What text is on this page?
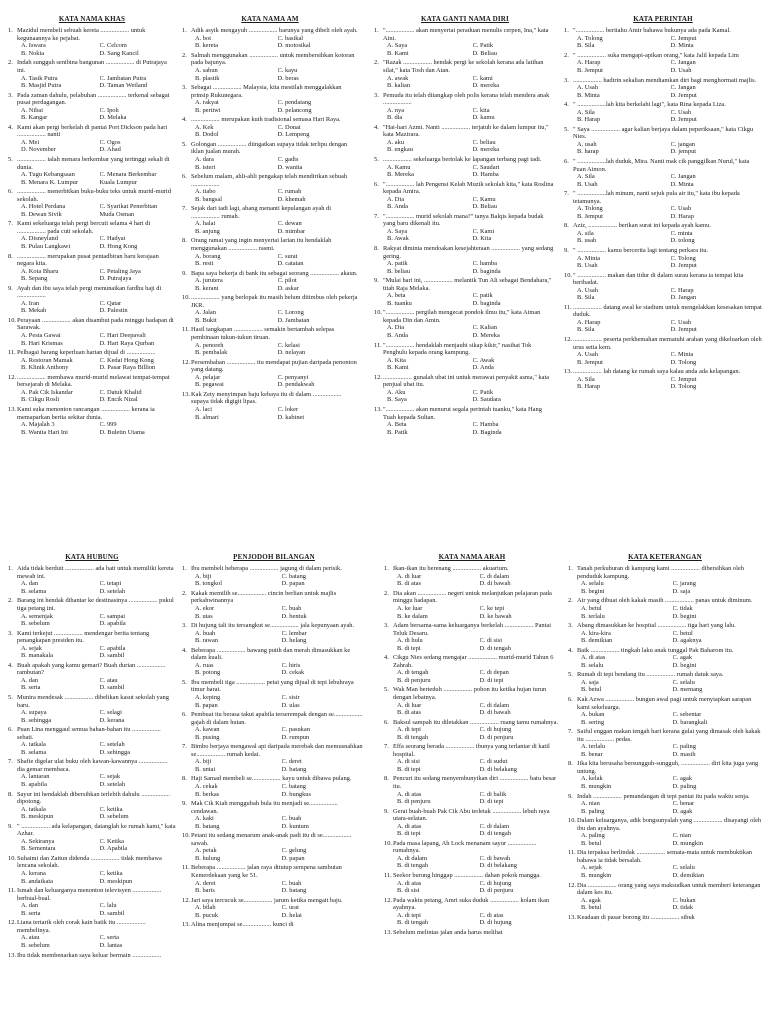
KATA NAMA KHAS
1. Mazidul membeli sebuah kereta .................. untuk kegunaannya ke pejabat.
A. Iswara	C. Celcom
B. Nokia	D. Sang Kancil
2. Indah sungguh senibina bangunan .................. di Putrajaya ini.
A. Tasik Putra	C. Jambatan Putra
B. Masjid Putra	D. Taman Wetland
3. Pada zaman dahulu, pelabuhan .................. terkenal sebagai pusat perdagangan.
A. Nibai	C. Ipoh
B. Kangar	D. Melaka
4. Kami akan pergi berkelah di pantai Port Dickson pada hari .................. nanti
A. Mei	C. Ogos
D. November	D. Ahad
5. .................. ialah menara berkembar yang tertinggi sekali di dunia.
A. Tugu Kebangsaan	C. Menara Berkembar
B. Menara K. Lumpur	Kuala Lumpur
6. .................. menerbitkan buku-buku teks untuk murid-murid sekolah.
A. Hotel Perdana	C. Syarikat Penerbitan
B. Dewan Sivik	Muda Osman
7. Kami sekeluarga telah pergi bercuti selama 4 hari di .................. pada cuti sekolah.
A. Disneyland	C. Hadyai
B. Pulau Langkawi	D. Hong Kong
8. .................. merupakan pusat pentadbiran baru kerajaan negara kita.
A. Kota Bharu	C. Petaling Jaya
B. Sepang	D. Putrajaya
9. Ayah dan ibu saya telah pergi menunaikan fardhu haji di ..................
A. Iran	C. Qatar
B. Mekah	D. Palestin
10. Perayaan .................. akan disambut pada minggu hadapan di Sarawak.
A. Pesta Gawai	C. Hari Deepavali
B. Hari Krismas	D. Hari Raya Qurban
11. Pelbagai barang keperluan harian dijual di ..................
A. Restoran Mamak	C. Kedai Hong Kong
B. Klinik Anthony	D. Pasar Raya Billion
12. .................. membawa murid-murid melawat tempat-tempat bersejarah di Melaka.
A. Pak Cik Iskandar	C. Datuk Khalid
B. Cikgu Rosli	D. Encik Nizal
13. Kami suka menonton rancangan .................. kerana ia memaparkan berita sekitar dunia.
A. Majalah 3	C. 999
B. Wanita Hari Ini	D. Buletin Utama
KATA NAMA AM
1. Adik asyik mengayuh .................. barunya yang dibeli oleh ayah.
A. bot	C. basikal
B. kereta	D. motosikal
2. Salmah menggunakan .................. untuk membersihkan kotoran pada bajunya.
A. sabun	C. kayu
B. plastik	D. beras
3. Sebagai .................. Malaysia, kita mestilah menggalakkan prinsip Rukunegara.
A. rakyat	C. pendatang
B. pertiwi	D. pelancong
4. .................. merupakan kuih tradisional semasa Hari Raya.
A. Kek	C. Donat
B. Dodol	D. Lempeng
5. Golongan .................. diingatkan supaya tidak terlipu dengan iklan jualan murah.
A. dara	C. gadis
B. isteri	D. wanita
6. Sebelum malam, ahli-ahli pengakap telah mendirikan sebuah ..................
A. tiabo	C. rumah
B. bangsal	D. khemah
7. Sejak dari tadi lagi, abang menanti kepulangan ayah di .................. rumah.
A. halai	C. dewan
B. anjung	D. mimbar
8. Orang ramai yang ingin menyertai larian itu hendaklah menggunakan .................. rasmi.
A. borang	C. surat
B. resit	D. catatan
9. Bapa saya bekerja di bank itu sebagai seorang .................. akaun.
A. jurutera	C. pilot
B. kerani	D. askar
10. .................. yang berlopak itu masih belum ditimbus oleh pekerja JKR.
A. Jalan	C. Lorong
B. Bukit	D. Jambatan
11. Hasil tangkapan .................. semakin bertambah selepas pembinaan tukun-tukun tiruan.
A. penoreh	C. kelasi
B. pembalak	D. nelayan
12. Persembahan .................. itu mendapat pujian daripada penonton yang datang.
A. pelajar	C. penyanyi
B. pegawai	D. pendakwah
13. Kak Zety menyimpan baju kebaya itu di dalam .................. supaya tidak digigit lipas.
A. laci	C. loker
B. almari	D. kabinet
KATA GANTI NAMA DIRI
1. ".................. akan menyertai peraduan menulis cerpen, Ina," kata Aini.
A. Saya	C. Patik
B. Kami	D. Beliau
2. "Razak .................. hendak pergi ke sekolah kerana ada latihan silat," kata Tosh dan Atan.
A. awak	C. kami
B. kalian	D. mereka
3. Pemuda itu telah ditangkap oleh polis kerana telah mendera anak ..................
A. nya	C. kita
B. dia	D. kamu
4. "Hai-hari Azmi. Nanti .................. terjatuh ke dalam lumpur itu," kata Mazirara.
A. aku	C. beliau
B. engkau	D. mereka
5. .................. sekeluarga bertolak ke lapangan terbang pagi tadi.
A. Kamu	C. Saudari
B. Mereka	D. Hamba
6. ".................. lah Pengensi Kelab Muzik sekolah kita," kata Roslina kepada Amira.
A. Dia	C. Kamu
B. Anda	D. Beliau
7. ".................. murid sekolah mana?" tanya Balqis kepada budak yang baru dikenali itu.
A. Saya	C. Kami
B. Awak	D. Kita
8. Rakyat diminta mendoakan kesejahteraan .................. yang sedang gering.
A. patik	C. hamba
B. beliau	D. baginda
9. "Mulai hari ini, .................. melantik Tun Ali sebagai Bendahara," titah Raja Melaka.
A. beta	C. patik
B. tuanku	D. baginda
10. ".................. pergilah mengecat pondok ilmu itu," kata Aiman kepada Din dan Amin.
A. Dia	C. Kalian
B. Anda	D. Mereka
11. ".................. hendaklah menjauhi sikap kikir," nasihat Tok Penghulu kepada orang kampung.
A. Kita	C. Awak
B. Kami	D. Anda
12. .................. gunalah ubat ini untuk merawat penyakit asma," kata penjual ubat itu.
A. Aku	C. Patik
B. Saya	D. Saudara
13. ".................. akan menurut segala perintah tuanku," kata Hang Tuah kepada Sultan.
A. Beta	C. Hamba
B. Patik	D. Baginda
KATA PERINTAH
1. ".................. beritahu Amir bahawa bukunya ada pada Kamal.
A. Tolong	C. Jemput
B. Sila	D. Minta
2. " .................. suka mengapi-apikan orang," kata Jalil kepada Lim
A. Harap	C. Jangan
B. Jemput	D. Usah
3. .................. hadirin sekalian mendiamkan diri bagi menghormati majlis.
A. Usah	C. Jangan
B. Minta	D. Jemput
4. " ..................lah kita berkelahi lagi", kata Rina kepada Liza.
A. Sila	C. Usah
B. Harap	D. Jemput
5. " Saya .................. agar kalian berjaya dalam peperiksaan," kata Cikgu Nies.
A. usah	C. jangan
B. harap	D. jemput
6. " ..................lah duduk, Mira. Nanti mak cik panggilkan Nurul," kata Puan Aimon.
A. Sila	C. Jangan
B. Usah	D. Minta
7. " ..................lah minum, nanti sejuk pula air itu," kata ibu kepada tetamunya.
A. Tolong	C. Usah
B. Jemput	D. Harap
8. Aziz, .................. berikan surat ini kepada ayah kamu.
A. sila	C. minta
B. usah	D. tolong
9. " .................. kamu bercerita lagi tentang perkara itu.
A. Minta	C. Tolong
B. Usah	D. Jemput
10. " .................. makan dan tidur di dalam surau kerana ia tempat kita beribadat.
A. Usah	C. Harap
B. Sila	D. Jangan
11. .................. datang awal ke stadium untuk mengelakkan kesesakan tempat duduk.
A. Harap	C. Usah
B. Sila	D. Jemput
12. .................. peserta perkhemahan mematuhi arahan yang dikeluarkan oleh urus setia kem.
A. Usah	C. Minta
B. Jemput	D. Tolong
13. .................. lah datang ke rumah saya kalau anda ada kelapangan.
A. Sila	C. Jemput
B. Harap	D. Tolong
KATA HUBUNG
1. Aida tidak berduit .................. ada hati untuk memiliki kereta mewah ini.
A. dan	C. tetapi
B. selama	D. setelah
2. Barang ini hendak dihantar ke destinasinya .................. pukul tiga petang ini.
A. semenjak	C. sampai
B. sebelum	D. apabila
3. Kami terkejut .................. mendengar berita tentang penangkapan presiden itu.
A. sejak	C. apabila
B. manakala	D. sambil
4. Buah apakah yang kamu gemari? Buah durian .................. rambutan?
A. dan	C. atau
B. serta	D. sambil
5. Munira mendesak .................. dibelikan kasut sekolah yang baru.
A. supaya	C. selagi
B. sehingga	D. kerana
6. Puan Lina menggaul semua bahan-bahan itu .................. sebati.
A. tatkala	C. setelah
B. selama	D. sehingga
7. Shafie digelar ulat buku oleh kawan-kawannya .................. dia gemar membaca.
A. lantaran	C. sejak
B. apabila	D. setelah
8. Sayur ini hendaklah dibersihkan terlebih dahulu .................. dipotong.
A. tatkala	C. ketika
B. meskipun	D. sebelum
9. " .................. ada kelapangan, datanglah ke rumah kami," kata Azhar.
A. Sekiranya	C. Ketika
B. Sementara	D. Apabila
10. Suhaimi dan Zaitun didenda .................. tidak membawa lencana sekolah.
A. kerana	C. ketika
B. andaikata	D. meskipun
11. Ismah dan keluarganya menonton televisyen .................. berbual-bual.
A. dan	C. lalu
B. serta	D. sambil
12. Liana tertarik oleh corak kain batik itu .................. membelinya.
A. atau	C. serta
B. sebelum	D. lantas
13. Ibu tidak membenarkan saya keluar bermain ..................
PENJODOH BILANGAN
1. Ibu membeli beberapa .................. jagung di dalam perisik.
A. biji	C. batang
B. tongkol	D. papan
2. Kakak memilih se.................. cincin berlian untuk majlis perkahwinannya
A. ekor	C. buah
B. utas	D. bentuk
3. Di hujung tali itu tersangkut se.................. jala kepunyaan ayah.
A. buah	C. lembar
B. rawan	D. helang
4. Beberapa .................. bawang putih dan merah dimasukkan ke dalam kuali.
A. ruas	C. hiris
B. potong	D. cekak
5. Ibu membeli tiga .................. petai yang dijual di tepi lebuhraya timur barat.
A. keping	C. sisir
B. papan	D. ulas
6. Pembuat itu berasa takut apabila terserempak dengan se.................. gajah di dalam hutan.
A. kawan	C. pasukan
B. pusing	D. rumpun
7. Bimbo berjaya mengawal api daripada merebak dan memusnahkan se.................. rumah kedai.
A. biji	C. deret
B. untai	D. batang
8. Haji Samad membeli se.................. kayu untuk dibawa pulang.
A. cekak	C. batang
B. berkas	D. bungkus
9. Mak Cik Kiah menggubah bula itu menjadi se.................. cendawan.
A. kaki	C. buah
B. batang	D. kuntum
10. Petani itu sedang menarum anak-anak padi itu di se.................. sawah.
A. petak	C. gelung
B. hulung	D. papan
11. Beberapa .................. jalan raya ditutup sempena sambutan Kemerdekaan yang ke 51.
A. deret	C. buah
B. baris	D. batang
12. Jari saya tercucuk se.................. jarum ketika mengait baju.
A. bilah	C. urat
B. pucuk	D. helai
13. Alina menjumpai se.................. kunci di
KATA NAMA ARAH
1. Ikan-ikan itu berenang .................. akuarium.
A. di luar	C. di dalam
B. di atas	D. di bawah
2. Dia akan .................. negeri untuk melanjutkan pelajaran pada minggu hadapan.
A. ke luar	C. ke tepi
B. ke dalam	D. ke bawah
3. Adam bersama-sama keluarganya berkelah .................. Pantai Teluk Desaru.
A. di hulu	C. di sisi
B. di tepi	D. di tengah
4. Cikgu Nies sedang mengajar .................. murid-murid Tahun 6 Zahrah.
A. di tengah	C. di depan
B. di penjuru	D. di tepi
5. Wak Man berteduh .................. pohon itu ketika hujan turun dengan lebatnya.
A. di luar	C. di dalam
B. di atas	D. di bawah
6. Baksul sampah itu diletakkan .................. ruang tamu rumahnya.
A. di tepi	C. di hujung
B. di tengah	D. di penjuru
7. Effa seorang berada .................. ibunya yang terlantar di katil hospital.
A. di sisi	C. di sudut
B. di tepi	D. di belakang
8. Pencuri itu sedang menyembunyikan diri .................. batu besar itu.
A. di atas	C. di balik
B. di penjuru	D. di tepi
9. Gerai buah-buah Pak Cik Abu terletak .................. lebuh raya utara-selatan.
A. di atas	C. di dalam
B. di tepi	D. di tengah
10. Pada masa lapang, Ah Lock menanam sayur .................. rumahnya.
A. di dalam	C. di bawah
B. di tengah	D. di belakang
11. Seekor burung hinggap .................. dahan pokok mangga.
A. di atas	C. di hujung
B. di sisi	D. di penjuru
12. Pada waktu petang, Amri suka duduk .................. kolam ikan ayahnya.
A. di tepi	C. di atas
B. di tengah	D. di hujung
13. Sebelum melintas jalan anda harus melihat
KATA KETERANGAN
1. Tanah perkuburan di kampung kami .................. dibersihkan oleh penduduk kampung.
A. selalu	C. jarang
B. begini	D. saja
2. Air yang dibuat oleh kakak masih .................. panas untuk diminum.
A. betul	C. tidak
B. terlalu	D. begini
3. Abang dimasukkan ke hospital .................. tiga hari yang lalu.
A. kira-kira	C. betul
B. demikian	D. agaknya
4. Baik .................. tingkah laku anak tunggal Pak Baharom itu.
A. di atas	C. agak
B. selalu	D. begini
5. Rumah di tepi bendang itu .................. rumah datuk saya.
A. saja	C. selalu
B. betul	D. memang
6. Kak Azwa .................. bungun awal pagi untuk menyiapkan sarapan kami sekeluarga.
A. bukan	C. sebentar
B. sering	D. barangkali
7. Saiful enggan makan tengah hari kerana gulai yang dimasak oleh kakak itu .................. pedas.
A. terlalu	C. paling
B. benar	D. masih
8. Jika kita berusaha bersungguh-sungguh, .................. diri kita juga yang untung.
A. kelak	C. agak
B. mungkin	D. paling
9. Indah .................. pemandangan di tepi pantai itu pada waktu senja.
A. nian	C. benar
B. paling	D. agak
10. Dalam keluarganya, adik bongsunyalah yang .................. disayangi oleh ibu dan ayahnya.
A. paling	C. nian
B. betul	D. mungkin
11. Dia terpaksa berlindak .................. semata-mata untuk membuktikan bahawa ia tidak bersalah.
A. sejak	C. selalu
B. mungkin	D. demikian
12. Dia .................. orang yang saya maksudkan untuk memberi keterangan dalam kes itu.
A. agak	C. bukan
B. betul	D. tidak
13. Keadaan di pasar borong itu .................. sibuk
